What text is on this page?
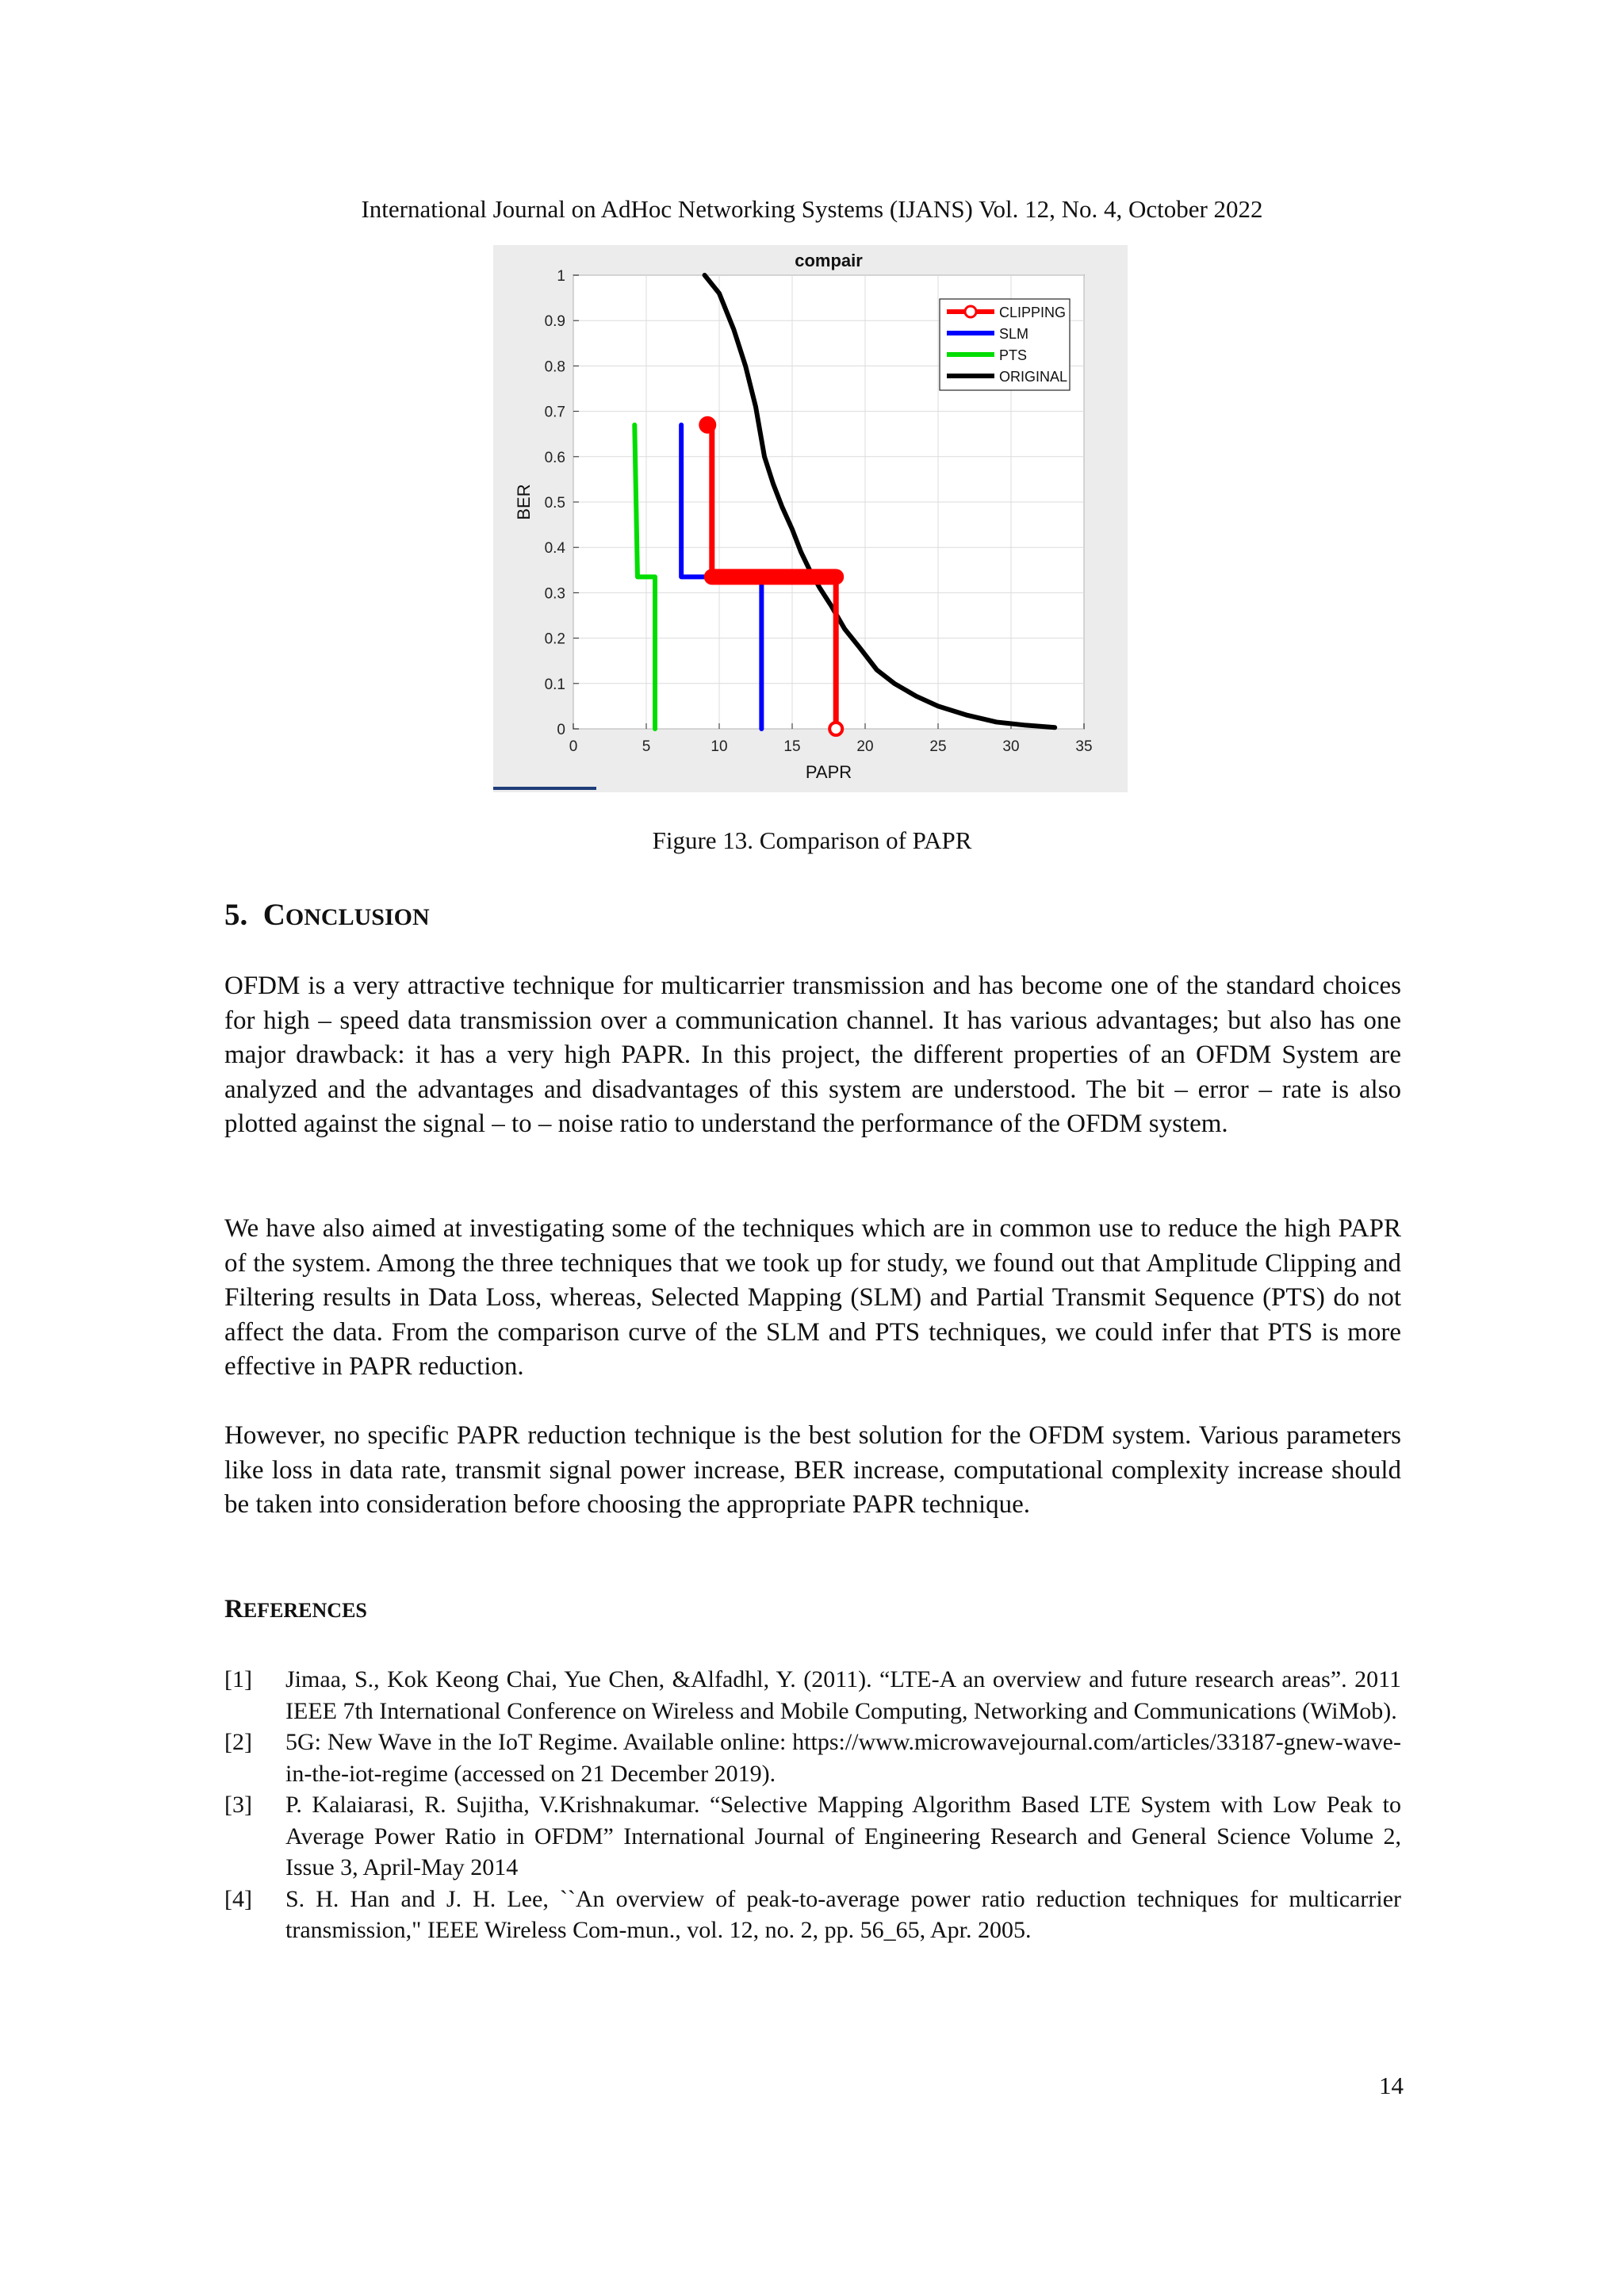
International Journal on AdHoc Networking Systems (IJANS) Vol. 12, No. 4, October 2022
0	5	10	15	20	25	30	35
0
0.1
0.2
0.3
0.4
0.5
0.6
0.7
0.8
0.9
1
compair
PAPR
BER
CLIPPING
SLM
PTS
ORIGINAL
Figure 13. Comparison of PAPR
5. CONCLUSION

OFDM is a very attractive technique for multicarrier transmission and has become one of the standard choices for high – speed data transmission over a communication channel. It has various advantages; but also has one major drawback: it has a very high PAPR. In this project, the different properties of an OFDM System are analyzed and the advantages and disadvantages of this system are understood. The bit – error – rate is also plotted against the signal – to – noise ratio to understand the performance of the OFDM system.

We have also aimed at investigating some of the techniques which are in common use to reduce the high PAPR of the system. Among the three techniques that we took up for study, we found out that Amplitude Clipping and Filtering results in Data Loss, whereas, Selected Mapping (SLM) and Partial Transmit Sequence (PTS) do not affect the data. From the comparison curve of the SLM and PTS techniques, we could infer that PTS is more effective in PAPR reduction.

However, no specific PAPR reduction technique is the best solution for the OFDM system. Various parameters like loss in data rate, transmit signal power increase, BER increase, computational complexity increase should be taken into consideration before choosing the appropriate PAPR technique.

REFERENCES
[1] Jimaa, S., Kok Keong Chai, Yue Chen, &Alfadhl, Y. (2011). “LTE-A an overview and future research areas”. 2011 IEEE 7th International Conference on Wireless and Mobile Computing, Networking and Communications (WiMob).
[2] 5G: New Wave in the IoT Regime. Available online: https://www.microwavejournal.com/articles/33187-gnew-wave-in-the-iot-regime (accessed on 21 December 2019).
[3] P. Kalaiarasi, R. Sujitha, V.Krishnakumar. “Selective Mapping Algorithm Based LTE System with Low Peak to Average Power Ratio in OFDM” International Journal of Engineering Research and General Science Volume 2, Issue 3, April-May 2014
[4] S. H. Han and J. H. Lee, ``An overview of peak-to-average power ratio reduction techniques for multicarrier transmission," IEEE Wireless Com-mun., vol. 12, no. 2, pp. 56_65, Apr. 2005.
14
